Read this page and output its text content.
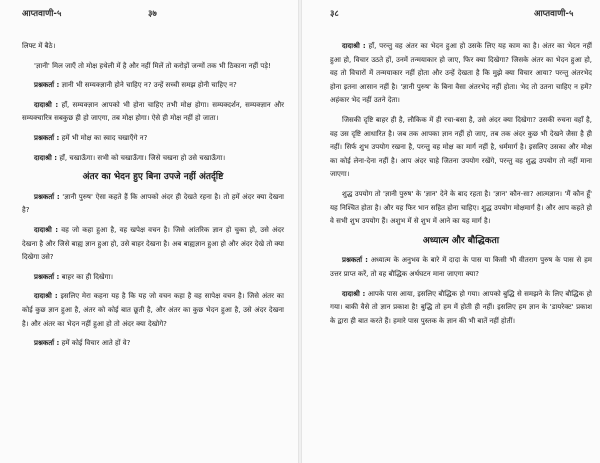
आप्तवाणी-५	३७

लिफ्ट में बैठे।

'ज्ञानी' मिल जाएँ तो मोक्ष हथेली में है और नहीं मिलें तो करोड़ों जन्मों तक भी ठिकाना नहीं पड़े!

प्रश्नकर्ता : ज्ञानी भी सम्यक्ज्ञानी होने चाहिए न? उन्हें सच्ची समझ होनी चाहिए न?

दादाश्री : हाँ, सम्यक्ज्ञान आपको भी होना चाहिए तभी मोक्ष होगा। सम्यक्दर्शन, सम्यक्ज्ञान और सम्यक्चारित्र सबकुछ ही हो जाएगा, तब मोक्ष होगा। ऐसे ही मोक्ष नहीं हो जाता।

प्रश्नकर्ता : हमें भी मोक्ष का स्वाद चखाएँगे न?

दादाश्री : हाँ, चखाऊँगा। सभी को चखाऊँगा। जिसे चखना हो उसे चखाऊँगा।

अंतर का भेदन हुए बिना उपजे नहीं अंतर्दृष्टि

प्रश्नकर्ता : 'ज्ञानी पुरुष' ऐसा कहते हैं कि आपको अंदर ही देखते रहना है। तो हमें अंदर क्या देखना है?

दादाश्री : वह जो कहा हुआ है, वह खपेक्ष वचन है। जिसे आंतरिक ज्ञान हो चुका हो, उसे अंदर देखना है और जिसे बाह्य ज्ञान हुआ हो, उसे बाहर देखना है। अब बाह्यज्ञान हुआ हो और अंदर देखे तो क्या दिखेगा उसे?

प्रश्नकर्ता : बाहर का ही दिखेगा।

दादाश्री : इसलिए मेरा कहना यह है कि यह जो वचन कहा है वह सापेक्ष वचन है। जिसे अंतर का कोई कुछ ज्ञान हुआ है, अंतर को कोई बात छूती है, और अंतर का कुछ भेदन हुआ है, उसे अंदर देखना है। और अंतर का भेदन नहीं हुआ हो तो अंदर क्या देखोगे?

प्रश्नकर्ता : हमें कोई विचार आते हों वे?

३८	आप्तवाणी-५

दादाश्री : हाँ, परन्तु वह अंतर का भेदन हुआ हो उसके लिए यह काम का है। अंतर का भेदन नहीं हुआ हो, विचार उठते हों, उनमें तन्मयाकार हो जाए, फिर क्या दिखेगा? जिसके अंतर का भेदन हुआ हो, वह तो विचारों में तन्मयाकार नहीं होता और उन्हें देखता है कि मुझे क्या विचार आया? परन्तु अंतरभेद होना इतना आसान नहीं है। 'ज्ञानी पुरुष' के बिना वैसा अंतरभेद नहीं होता। भेद तो उतना चाहिए न हमें? अहंकार भेद नहीं उतने देता।

जिसकी दृष्टि बाहर ही है, लौकिक में ही रचा-बसा है, उसे अंदर क्या दिखेगा? उसकी रुचना वहाँ है, वह उस दृष्टि आधारित है। जब तक आपका ज्ञान नहीं हो जाए, तब तक अंदर कुछ भी देखने जैसा है ही नहीं। सिर्फ शुभ उपयोग रखना है, परन्तु वह मोक्ष का मार्ग नहीं है, धर्ममार्ग है। इसलिए उसका और मोक्ष का कोई लेना-देना नहीं है। आप अंदर चाहे जितना उपयोग रखेंगे, परन्तु वह शुद्ध उपयोग तो नहीं माना जाएगा।

शुद्ध उपयोग तो 'ज्ञानी पुरुष' के 'ज्ञान' देने के बाद रहता है। 'ज्ञान' कौन-सा? आत्मज्ञान। 'मैं कौन हूँ' यह निश्चित होता है। और यह फिर भान सहित होना चाहिए। शुद्ध उपयोग मोक्षमार्ग है। और आप कहते हो वे सभी शुभ उपयोग हैं। अशुभ में से शुभ में आने का यह मार्ग है।

अध्यात्म और बौद्धिकता

प्रश्नकर्ता : अध्यात्म के अनुभव के बारे में दादा के पास या किसी भी वीतराग पुरुष के पास से हम उत्तर प्राप्त करें, तो वह बौद्धिक अर्थघटन माना जाएगा क्या?

दादाश्री : आपके पास आया, इसलिए बौद्धिक हो गया। आपको बुद्धि से समझने के लिए बौद्धिक हो गया। बाकी वैसे तो ज्ञान प्रकाश है! बुद्धि तो हम में होती ही नहीं। इसलिए हम ज्ञान के 'डायरेक्ट' प्रकाश के द्वारा ही बात करते हैं। हमारे पास पुस्तक के ज्ञान की भी बातें नहीं होतीं।
